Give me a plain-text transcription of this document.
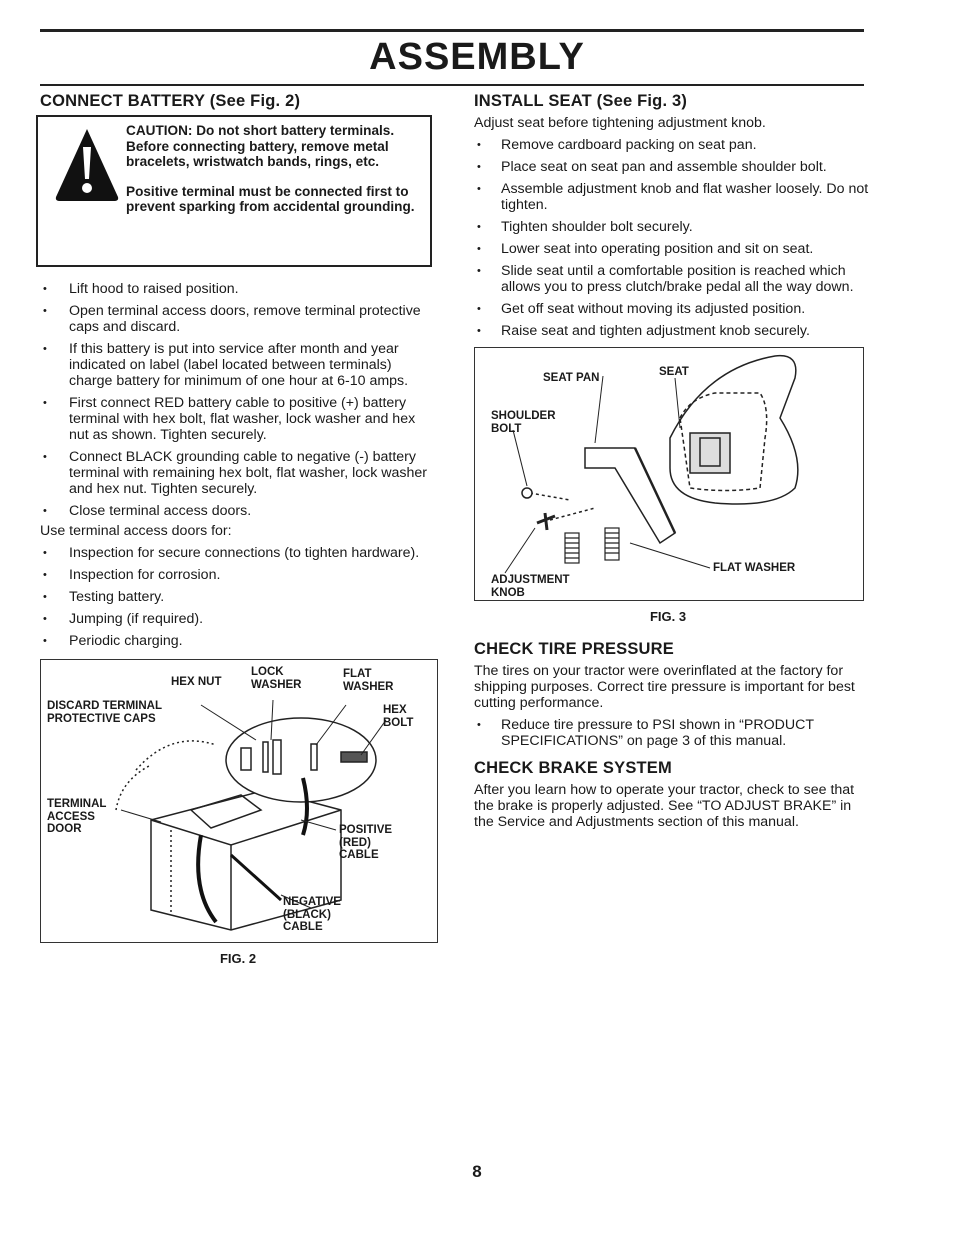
ASSEMBLY
CONNECT BATTERY (See Fig. 2)

CAUTION: Do not short battery terminals. Before connecting battery, remove metal bracelets, wristwatch bands, rings, etc.

Positive terminal must be connected first to prevent sparking from accidental grounding.

• Lift hood to raised position.
• Open terminal access doors, remove terminal protective caps and discard.
• If this battery is put into service after month and year indicated on label (label located between terminals) charge battery for minimum of one hour at 6-10 amps.
• First connect RED battery cable to positive (+) battery terminal with hex bolt, flat washer, lock washer and hex nut as shown. Tighten securely.
• Connect BLACK grounding cable to negative (-) battery terminal with remaining hex bolt, flat washer, lock washer and hex nut. Tighten securely.
• Close terminal access doors.

Use terminal access doors for:

• Inspection for secure connections (to tighten hardware).
• Inspection for corrosion.
• Testing battery.
• Jumping (if required).
• Periodic charging.
HEX NUT
LOCK WASHER
FLAT WASHER
DISCARD TERMINAL PROTECTIVE CAPS
HEX BOLT
TERMINAL ACCESS DOOR	POSITIVE (RED) CABLE
NEGATIVE (BLACK) CABLE
FIG. 2
INSTALL SEAT (See Fig. 3)

Adjust seat before tightening adjustment knob.

• Remove cardboard packing on seat pan.
• Place seat on seat pan and assemble shoulder bolt.
• Assemble adjustment knob and flat washer loosely. Do not tighten.
• Tighten shoulder bolt securely.
• Lower seat into operating position and sit on seat.
• Slide seat until a comfortable position is reached which allows you to press clutch/brake pedal all the way down.
• Get off seat without moving its adjusted position.
• Raise seat and tighten adjustment knob securely.
SEAT PAN	SEAT
SHOULDER BOLT
ADJUSTMENT KNOB
FLAT WASHER
FIG. 3
CHECK TIRE PRESSURE

The tires on your tractor were overinflated at the factory for shipping purposes. Correct tire pressure is important for best cutting performance.

• Reduce tire pressure to PSI shown in “PRODUCT SPECIFICATIONS” on page 3 of this manual.
CHECK BRAKE SYSTEM

After you learn how to operate your tractor, check to see that the brake is properly adjusted. See “TO ADJUST BRAKE” in the Service and Adjustments section of this manual.

8
